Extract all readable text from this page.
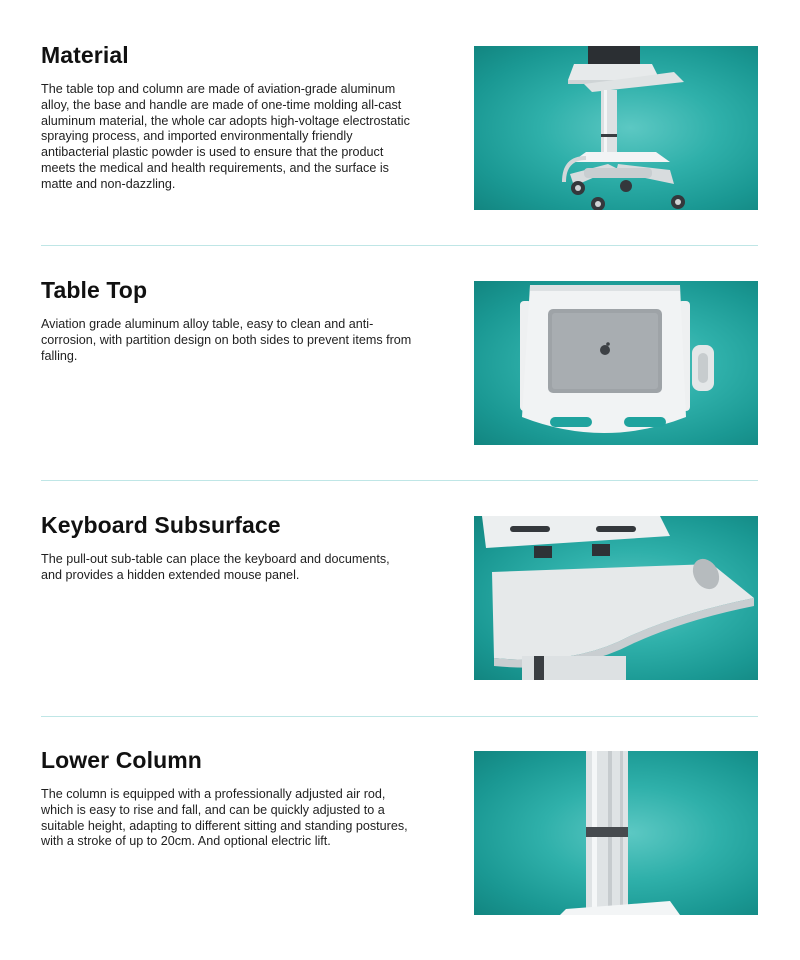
Material

The table top and column are made of aviation-grade aluminum alloy, the base and handle are made of one-time molding all-cast aluminum material, the whole car adopts high-voltage electrostatic spraying process, and imported environmentally friendly antibacterial plastic powder is used to ensure that the product meets the medical and health requirements, and the surface is matte and non-dazzling.

Table Top

Aviation grade aluminum alloy table, easy to clean and anti-corrosion, with partition design on both sides to prevent items from falling.

Keyboard Subsurface

The pull-out sub-table can place the keyboard and documents, and provides a hidden extended mouse panel.

Lower Column

The column is equipped with a professionally adjusted air rod, which is easy to rise and fall, and can be quickly adjusted to a suitable height, adapting to different sitting and standing postures, with a stroke of up to 20cm. And optional electric lift.
